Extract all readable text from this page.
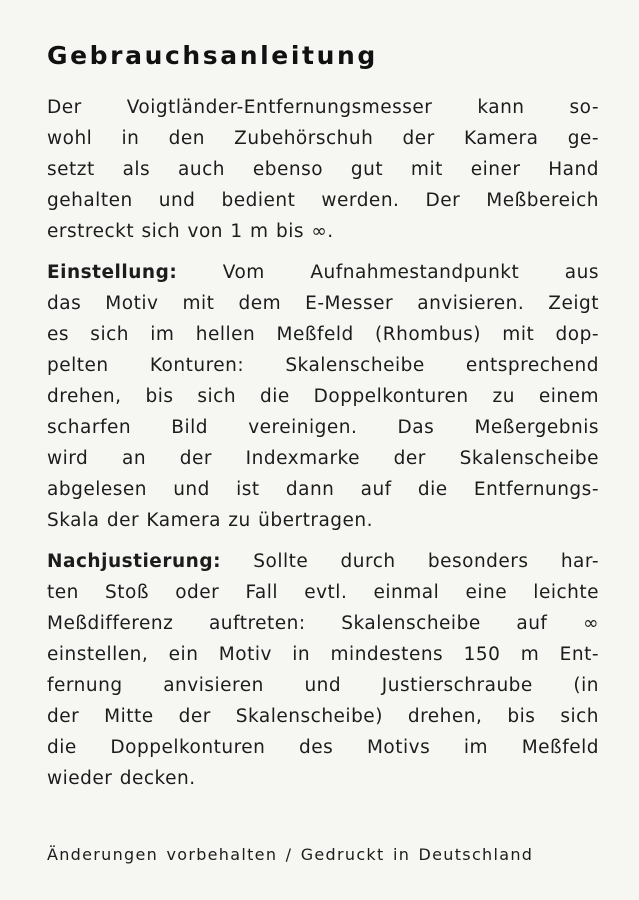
Gebrauchsanleitung

Der Voigtländer-Entfernungsmesser kann so-
wohl in den Zubehörschuh der Kamera ge-
setzt als auch ebenso gut mit einer Hand
gehalten und bedient werden. Der Meßbereich
erstreckt sich von 1 m bis ∞.

Einstellung: Vom Aufnahmestandpunkt aus
das Motiv mit dem E-Messer anvisieren. Zeigt
es sich im hellen Meßfeld (Rhombus) mit dop-
pelten Konturen: Skalenscheibe entsprechend
drehen, bis sich die Doppelkonturen zu einem
scharfen Bild vereinigen. Das Meßergebnis
wird an der Indexmarke der Skalenscheibe
abgelesen und ist dann auf die Entfernungs-
Skala der Kamera zu übertragen.

Nachjustierung: Sollte durch besonders har-
ten Stoß oder Fall evtl. einmal eine leichte
Meßdifferenz auftreten: Skalenscheibe auf ∞
einstellen, ein Motiv in mindestens 150 m Ent-
fernung anvisieren und Justierschraube (in
der Mitte der Skalenscheibe) drehen, bis sich
die Doppelkonturen des Motivs im Meßfeld
wieder decken.

Änderungen vorbehalten / Gedruckt in Deutschland
